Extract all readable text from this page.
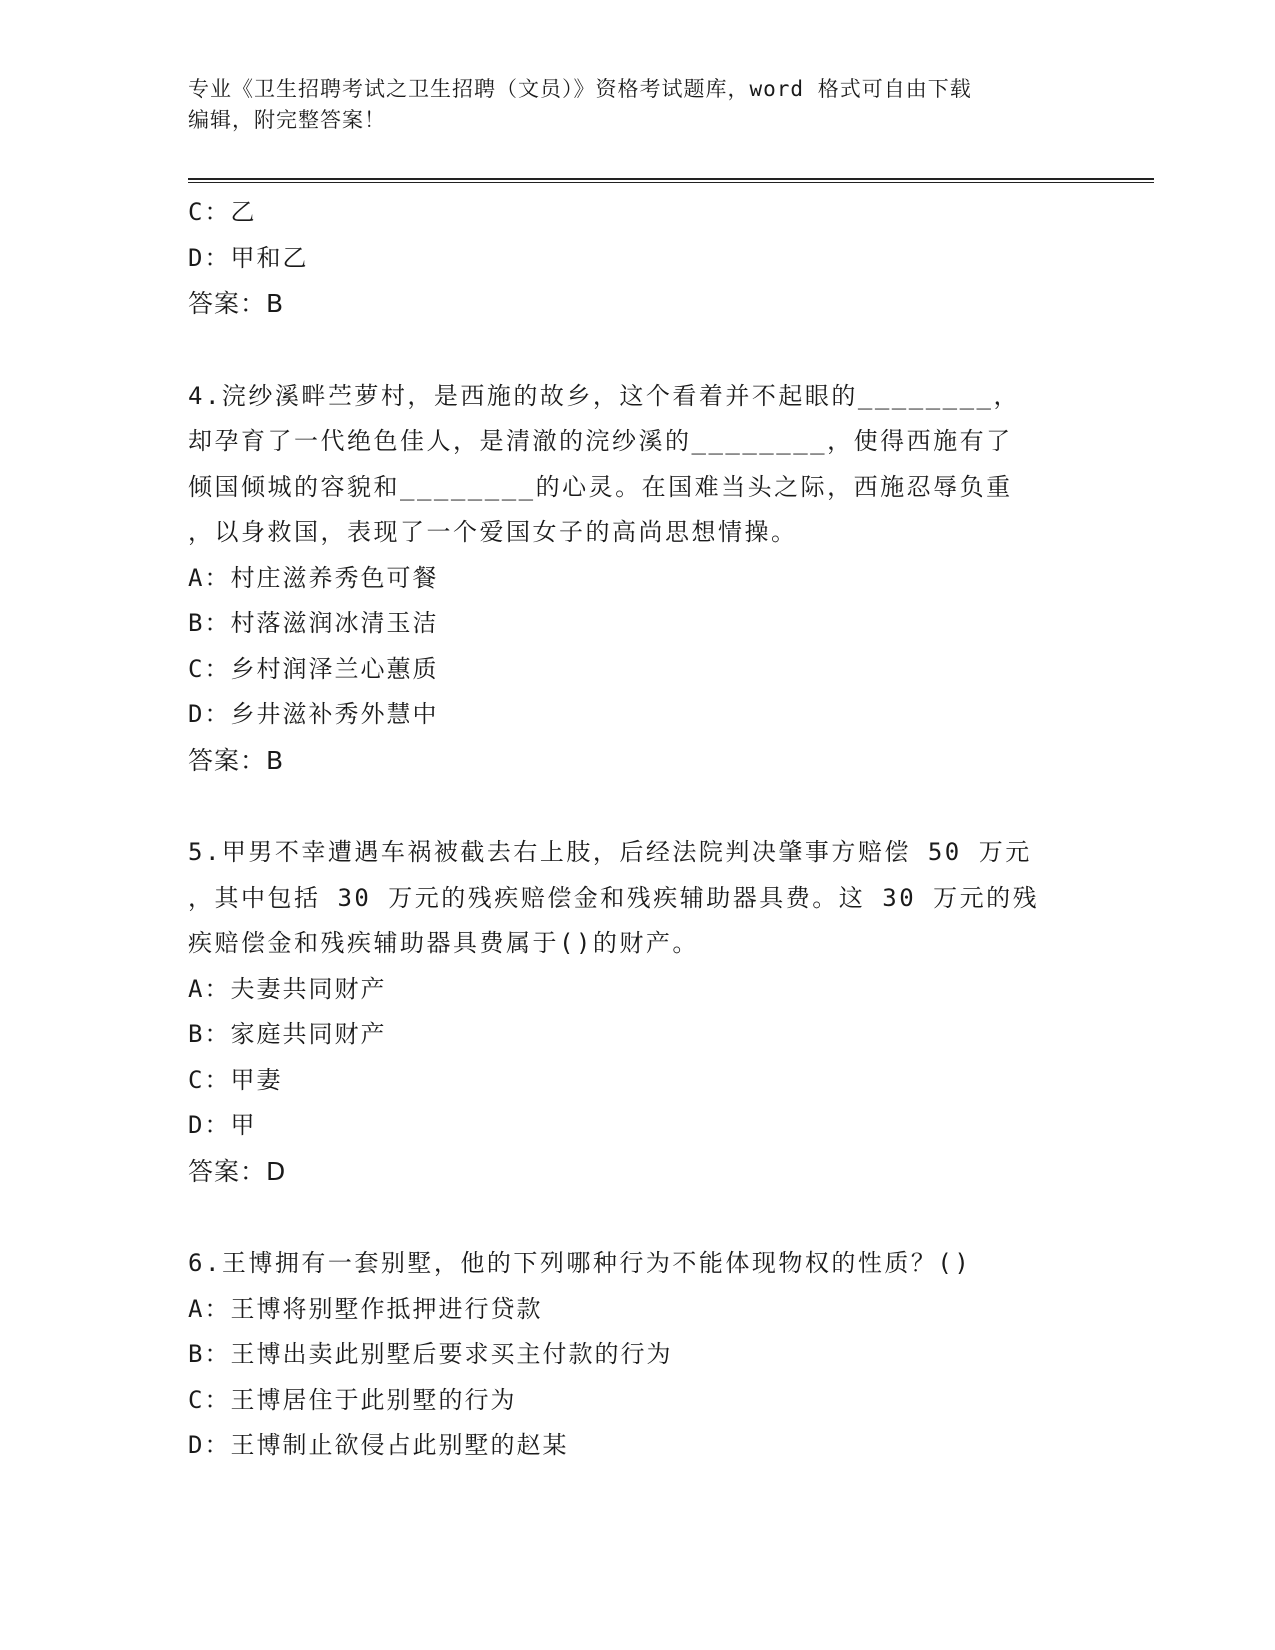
专业《卫生招聘考试之卫生招聘（文员）》资格考试题库，word 格式可自由下载
编辑，附完整答案！
C：乙
D：甲和乙
答案：B
4.浣纱溪畔苎萝村，是西施的故乡，这个看着并不起眼的________，
却孕育了一代绝色佳人，是清澈的浣纱溪的________，使得西施有了
倾国倾城的容貌和________的心灵。在国难当头之际，西施忍辱负重
，以身救国，表现了一个爱国女子的高尚思想情操。
A：村庄滋养秀色可餐
B：村落滋润冰清玉洁
C：乡村润泽兰心蕙质
D：乡井滋补秀外慧中
答案：B
5.甲男不幸遭遇车祸被截去右上肢，后经法院判决肇事方赔偿 50 万元
，其中包括 30 万元的残疾赔偿金和残疾辅助器具费。这 30 万元的残
疾赔偿金和残疾辅助器具费属于()的财产。
A：夫妻共同财产
B：家庭共同财产
C：甲妻
D：甲
答案：D
6.王博拥有一套别墅，他的下列哪种行为不能体现物权的性质？()
A：王博将别墅作抵押进行贷款
B：王博出卖此别墅后要求买主付款的行为
C：王博居住于此别墅的行为
D：王博制止欲侵占此别墅的赵某
